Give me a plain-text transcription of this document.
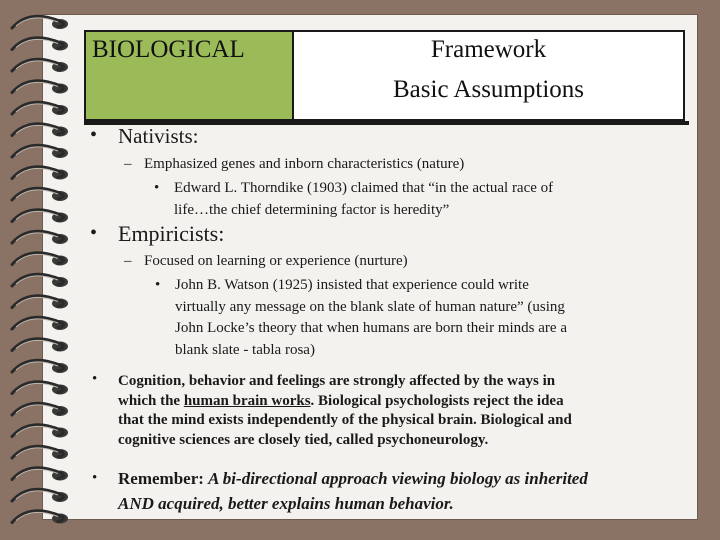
BIOLOGICAL	Framework
Basic Assumptions
• Nativists:
– Emphasized genes and inborn characteristics (nature)
• Edward L. Thorndike (1903) claimed that “in the actual race of
life…the chief determining factor is heredity”
• Empiricists:
– Focused on learning or experience (nurture)
• John B. Watson (1925) insisted that experience could write
virtually any message on the blank slate of human nature” (using
John Locke’s theory that when humans are born their minds are a
blank slate - tabla rosa)
• Cognition, behavior and feelings are strongly affected by the ways in
which the human brain works. Biological psychologists reject the idea
that the mind exists independently of the physical brain. Biological and
cognitive sciences are closely tied, called psychoneurology.
• Remember: A bi-directional approach viewing biology as inherited
AND acquired, better explains human behavior.
